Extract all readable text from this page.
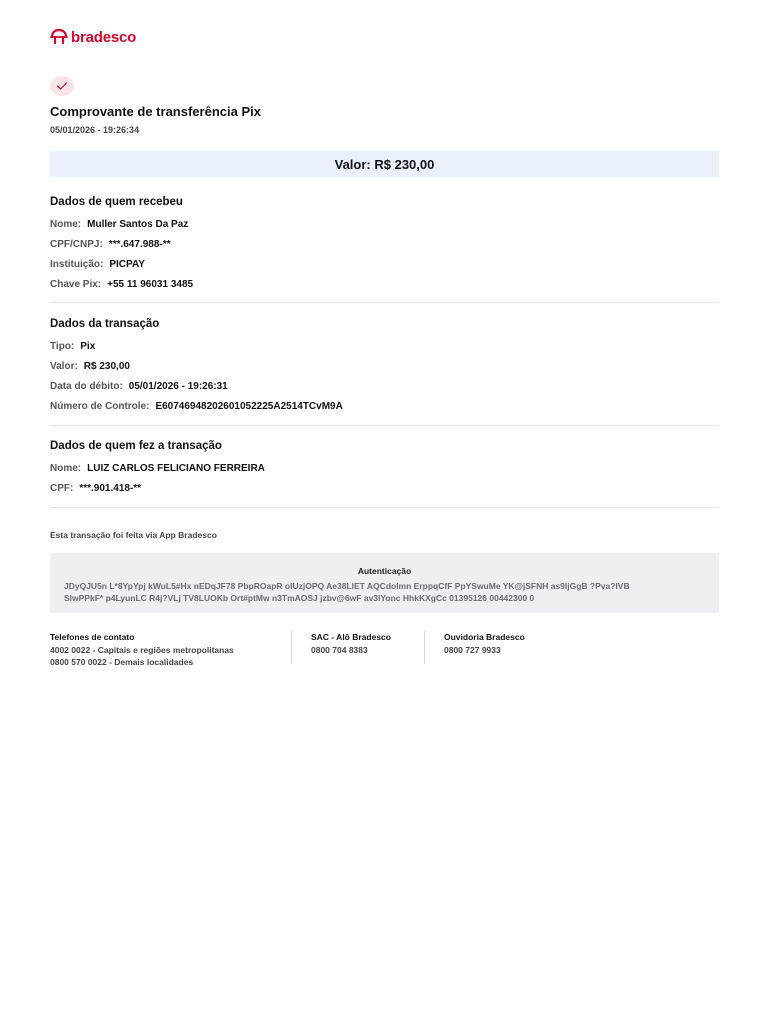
bradesco
Comprovante de transferência Pix
05/01/2026 - 19:26:34
Valor: R$ 230,00
Dados de quem recebeu
Nome: Muller Santos Da Paz
CPF/CNPJ: ***.647.988-**
Instituição: PICPAY
Chave Pix: +55 11 96031 3485
Dados da transação
Tipo: Pix
Valor: R$ 230,00
Data do débito: 05/01/2026 - 19:26:31
Número de Controle: E60746948202601052225A2514TCvM9A
Dados de quem fez a transação
Nome: LUIZ CARLOS FELICIANO FERREIRA
CPF: ***.901.418-**
Esta transação foi feita via App Bradesco
Autenticação
JDyQJU5n L*8YpYpj kWuL5#Hx nEDqJF78 PbpROapR oIUzjOPQ Ae38LlET AQCdolmn ErppqCfF PpYSwuMe YK@jSFNH as9ljGgB ?Pva?IVB
SlwPPkF* p4LyunLC R4j?VLj TV8LUOKb Ort#ptMw n3TmAOSJ jzbv@6wF av3lYonc HhkKXgCc 01395126 00442300 0
Telefones de contato
4002 0022 - Capitais e regiões metropolitanas
0800 570 0022 - Demais localidades
SAC - Alô Bradesco
0800 704 8383
Ouvidoria Bradesco
0800 727 9933
